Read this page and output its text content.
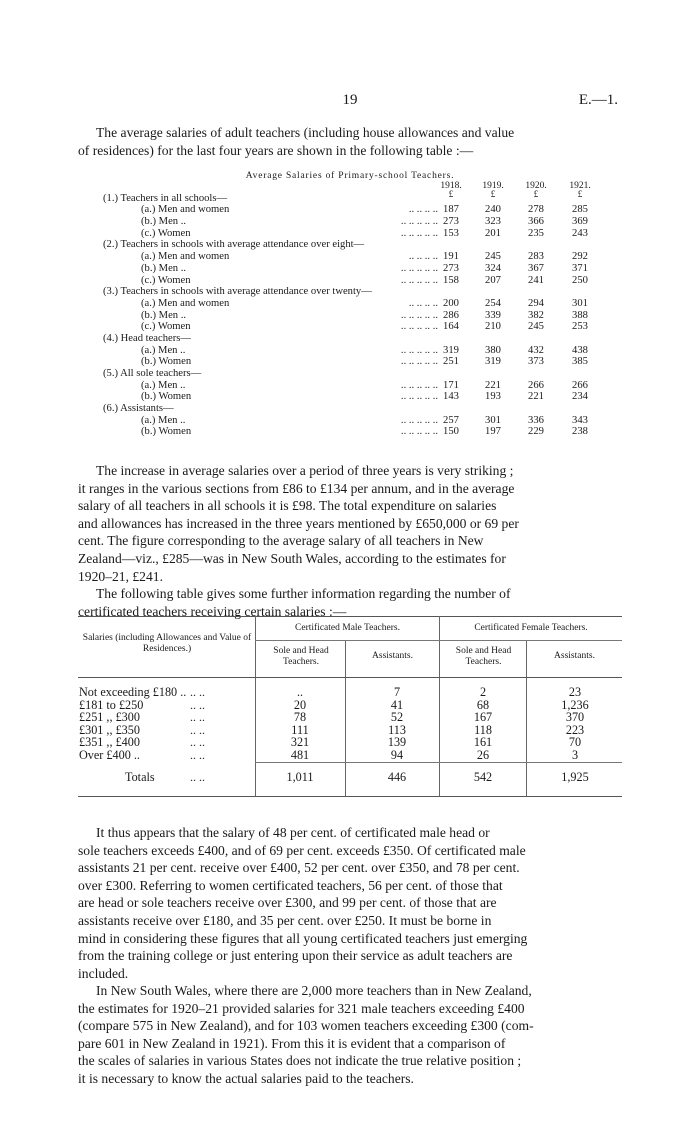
19	E.—1.
The average salaries of adult teachers (including house allowances and value
of residences) for the last four years are shown in the following table :—
Average Salaries of Primary-school Teachers.
1918.	1919.	1920.	1921.
£	£	£	£
(1.) Teachers in all schools—
(a.) Men and women	.. .. .. .. 187	240	278	285
(b.) Men ..	.. .. .. .. .. 273	323	366	369
(c.) Women	.. .. .. .. .. 153	201	235	243
(2.) Teachers in schools with average attendance over eight—
(a.) Men and women	.. .. .. .. 191	245	283	292
(b.) Men ..	.. .. .. .. .. 273	324	367	371
(c.) Women	.. .. .. .. .. 158	207	241	250
(3.) Teachers in schools with average attendance over twenty—
(a.) Men and women	.. .. .. .. 200	254	294	301
(b.) Men ..	.. .. .. .. .. 286	339	382	388
(c.) Women	.. .. .. .. .. 164	210	245	253
(4.) Head teachers—
(a.) Men ..	.. .. .. .. .. 319	380	432	438
(b.) Women	.. .. .. .. .. 251	319	373	385
(5.) All sole teachers—
(a.) Men ..	.. .. .. .. .. 171	221	266	266
(b.) Women	.. .. .. .. .. 143	193	221	234
(6.) Assistants—
(a.) Men ..	.. .. .. .. .. 257	301	336	343
(b.) Women	.. .. .. .. .. 150	197	229	238
The increase in average salaries over a period of three years is very striking ;
it ranges in the various sections from £86 to £134 per annum, and in the average
salary of all teachers in all schools it is £98. The total expenditure on salaries
and allowances has increased in the three years mentioned by £650,000 or 69 per
cent. The figure corresponding to the average salary of all teachers in New
Zealand—viz., £285—was in New South Wales, according to the estimates for
1920–21, £241.
The following table gives some further information regarding the number of
certificated teachers receiving certain salaries :—
Salaries (including Allowances and Value of Residences.)
Certificated Male Teachers.	Certificated Female Teachers.
Sole and Head Teachers.
Assistants.	Sole and Head Teachers.
Assistants.
Not exceeding £180 .. .. ..	..	7	2	23
£181 to £250	.. ..	20	41	68	1,236
£251 ,, £300	.. ..	78	52	167	370
£301 ,, £350	.. ..	111	113	118	223
£351 ,, £400	.. ..	321	139	161	70
Over £400 ..	.. ..	481	94	26	3
Totals	.. ..	1,011	446	542	1,925
It thus appears that the salary of 48 per cent. of certificated male head or
sole teachers exceeds £400, and of 69 per cent. exceeds £350. Of certificated male
assistants 21 per cent. receive over £400, 52 per cent. over £350, and 78 per cent.
over £300. Referring to women certificated teachers, 56 per cent. of those that
are head or sole teachers receive over £300, and 99 per cent. of those that are
assistants receive over £180, and 35 per cent. over £250. It must be borne in
mind in considering these figures that all young certificated teachers just emerging
from the training college or just entering upon their service as adult teachers are
included.
In New South Wales, where there are 2,000 more teachers than in New Zealand,
the estimates for 1920–21 provided salaries for 321 male teachers exceeding £400
(compare 575 in New Zealand), and for 103 women teachers exceeding £300 (com-
pare 601 in New Zealand in 1921). From this it is evident that a comparison of
the scales of salaries in various States does not indicate the true relative position ;
it is necessary to know the actual salaries paid to the teachers.
